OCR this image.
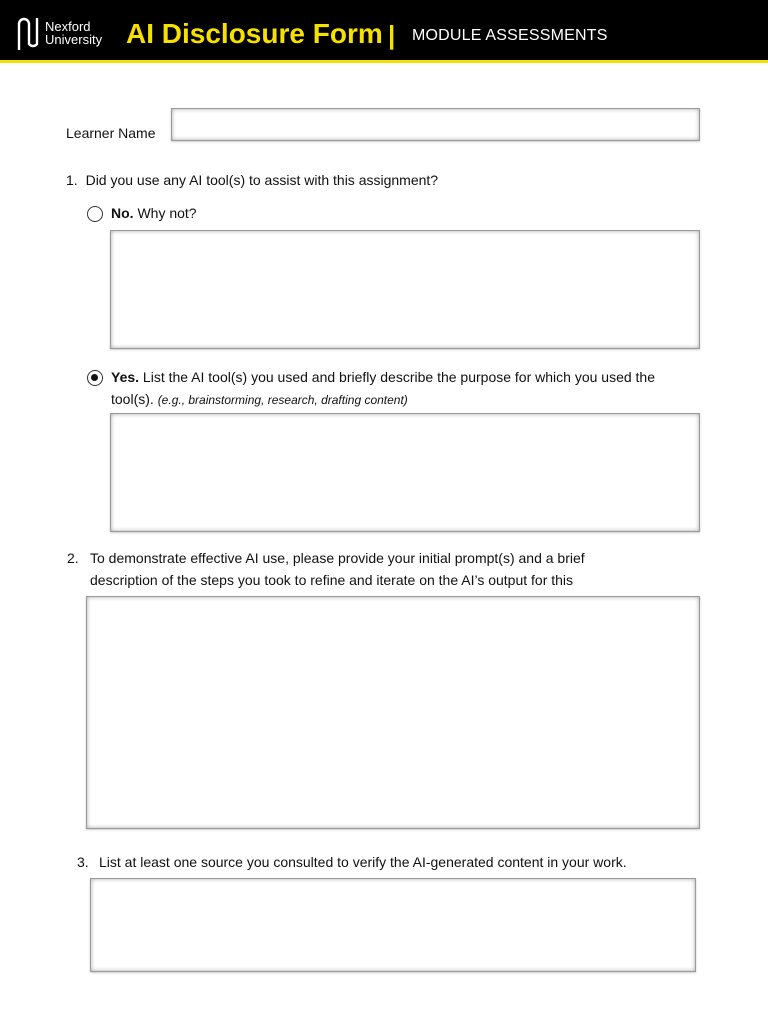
Nexford
University AI Disclosure Form | MODULE ASSESSMENTS
Learner Name
1. Did you use any AI tool(s) to assist with this assignment?
No. Why not?
Yes. List the AI tool(s) you used and briefly describe the purpose for which you used the
tool(s). (e.g., brainstorming, research, drafting content)
2. To demonstrate effective AI use, please provide your initial prompt(s) and a brief
description of the steps you took to refine and iterate on the AI’s output for this
3. List at least one source you consulted to verify the AI-generated content in your work.
